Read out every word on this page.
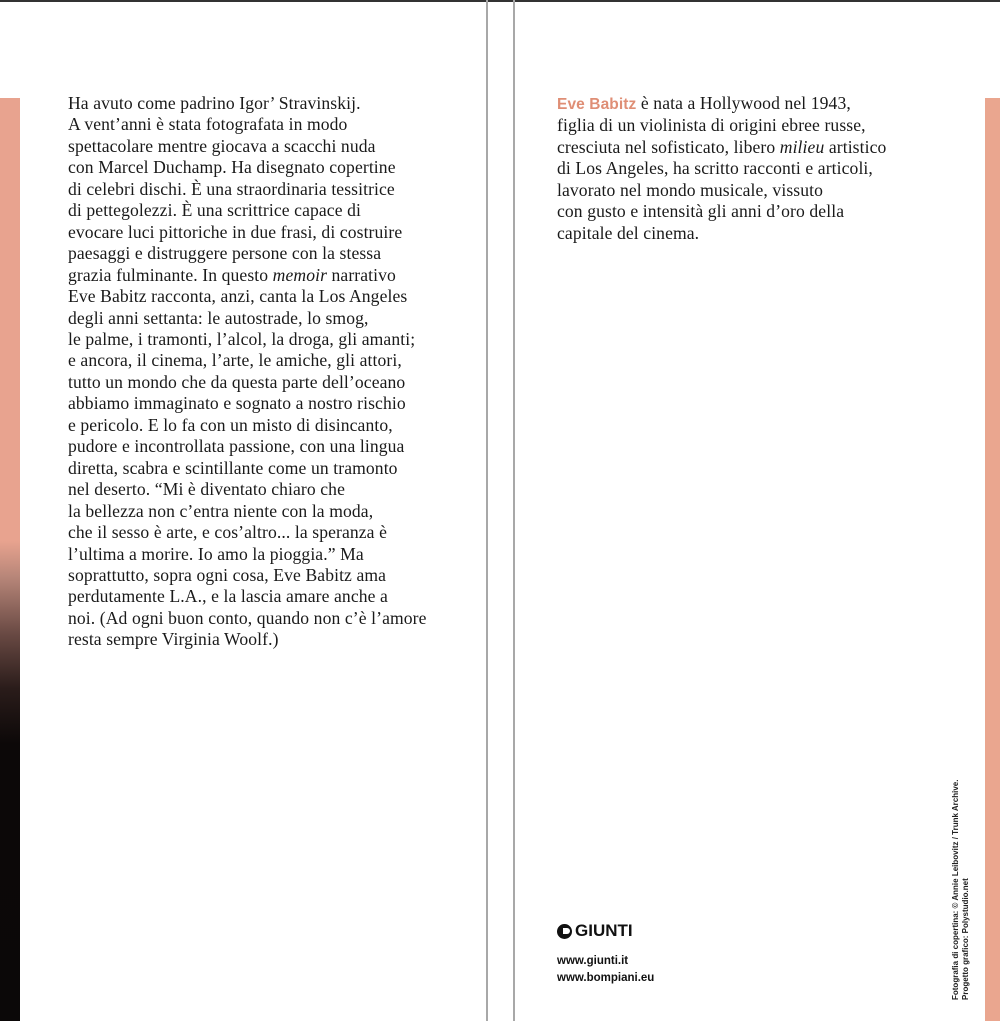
Ha avuto come padrino Igor’ Stravinskij.
A vent’anni è stata fotografata in modo
spettacolare mentre giocava a scacchi nuda
con Marcel Duchamp. Ha disegnato copertine
di celebri dischi. È una straordinaria tessitrice
di pettegolezzi. È una scrittrice capace di
evocare luci pittoriche in due frasi, di costruire
paesaggi e distruggere persone con la stessa
grazia fulminante. In questo memoir narrativo
Eve Babitz racconta, anzi, canta la Los Angeles
degli anni settanta: le autostrade, lo smog,
le palme, i tramonti, l’alcol, la droga, gli amanti;
e ancora, il cinema, l’arte, le amiche, gli attori,
tutto un mondo che da questa parte dell’oceano
abbiamo immaginato e sognato a nostro rischio
e pericolo. E lo fa con un misto di disincanto,
pudore e incontrollata passione, con una lingua
diretta, scabra e scintillante come un tramonto
nel deserto. “Mi è diventato chiaro che
la bellezza non c’entra niente con la moda,
che il sesso è arte, e cos’altro... la speranza è
l’ultima a morire. Io amo la pioggia.” Ma
soprattutto, sopra ogni cosa, Eve Babitz ama
perdutamente L.A., e la lascia amare anche a
noi. (Ad ogni buon conto, quando non c’è l’amore
resta sempre Virginia Woolf.)
Eve Babitz è nata a Hollywood nel 1943,
figlia di un violinista di origini ebree russe,
cresciuta nel sofisticato, libero milieu artistico
di Los Angeles, ha scritto racconti e articoli,
lavorato nel mondo musicale, vissuto
con gusto e intensità gli anni d’oro della
capitale del cinema.
GIUNTI
www.giunti.it
www.bompiani.eu	Fotografia di copertina: © Annie Leibovitz / Trunk Archive. Progetto grafico: Polystudio.net
